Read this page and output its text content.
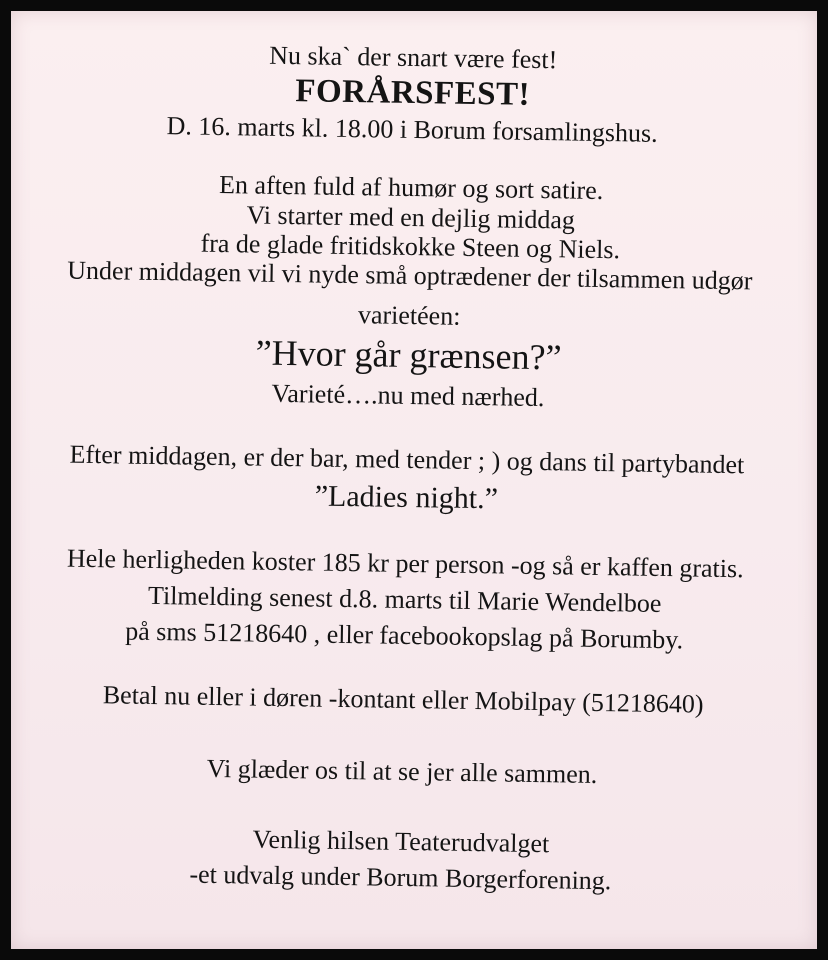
Nu ska` der snart være fest!
FORÅRSFEST!
D. 16. marts kl. 18.00 i Borum forsamlingshus.
En aften fuld af humør og sort satire.
Vi starter med en dejlig middag
fra de glade fritidskokke Steen og Niels.
Under middagen vil vi nyde små optrædener der tilsammen udgør
varietéen:
”Hvor går grænsen?”
Varieté….nu med nærhed.
Efter middagen, er der bar, med tender ; ) og dans til partybandet
”Ladies night.”
Hele herligheden koster 185 kr per person -og så er kaffen gratis.
Tilmelding senest d.8. marts til Marie Wendelboe
på sms 51218640 , eller facebookopslag på Borumby.
Betal nu eller i døren -kontant eller Mobilpay (51218640)
Vi glæder os til at se jer alle sammen.
Venlig hilsen Teaterudvalget
-et udvalg under Borum Borgerforening.
